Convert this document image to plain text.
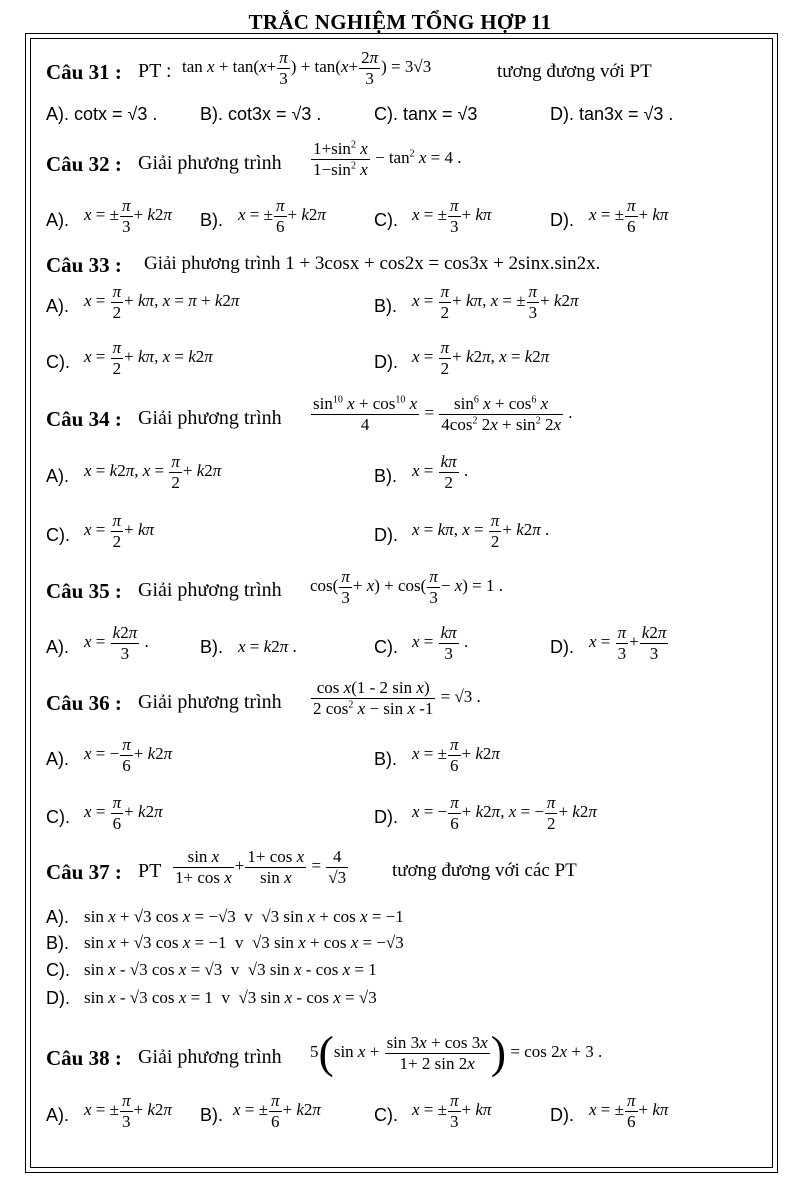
TRẮC NGHIỆM TỔNG HỢP 11
Câu 31 : PT : $\tan x + \tan(x+ \frac{\pi}{3}$ ) + $\tan(x+ \frac{2\pi}{3}$ ) = 3√3	tương đương với PT
A). cotx = √3 . B). cot3x = √3 .	C). tanx = √3	D). tan3x = √3 .
Câu 32 : Giải phương trình $\frac{1+\sin^2 x}{1-\sin^2 x} - \tan^2 x = 4$ .
A). x = ± $\frac{\pi}{3} + k2\pi$ B). x = ± $\frac{\pi}{6} + k2\pi$	C). x = ± $\frac{\pi}{3} + k\pi$	D). x = ± $\frac{\pi}{6} + k\pi$
Câu 33 : Giải phương trình 1 + 3cosx + cos2x = cos3x + 2sinx.sin2x.
A). $x = \frac{\pi}{2} + k\pi$, x = π + k2π	B). $x = \frac{\pi}{2} + k\pi$, x = ± $\frac{\pi}{3} + k2\pi$
C). $x = \frac{\pi}{2} + k\pi$, x = k2π	D). $x = \frac{\pi}{2} + k2\pi$, x = k2π
Câu 34 : Giải phương trình $\frac{\sin^{10} x + \cos^{10} x}{4} = \frac{\sin^6 x + \cos^6 x}{4\cos^2 2x + \sin^2 2x}$ .
A). x = k2π, $x = \frac{\pi}{2} + k2\pi$	B). $x = \frac{k\pi}{2}$ .
C). $x = \frac{\pi}{2} + k\pi$	D). x = kπ, $x = \frac{\pi}{2} + k2\pi$ .
Câu 35 : Giải phương trình $\cos( \frac{\pi}{3} + x) + \cos( \frac{\pi}{3} - x) = 1$ .
A). $x = \frac{k2\pi}{3}$ .	B). x = k2π .	C). $x = \frac{k\pi}{3}$ .	D). $x = \frac{\pi}{3} + \frac{k2\pi}{3}$
Câu 36 : Giải phương trình $\frac{\text{cos x(1 - 2 sin x)}}{2 \cos^2 x - \sin x -1} = √3$ .
A). x = − $\frac{\pi}{6} + k2\pi$	B). x = ± $\frac{\pi}{6} + k2\pi$
C). $x = \frac{\pi}{6} + k2\pi$	D). x = − $\frac{\pi}{6} + k2\pi$, x = − $\frac{\pi}{2} + k2\pi$
Câu 37 : PT $\frac{\text{sin x}}{\text{1+ cos x}} + \frac{\text{1+ cos x}}{\text{sin x}} = \frac{4}{√3}$ tương đương với các PT
A). sin x + √3 cos x = −√3  v  √3 sin x + cos x = −1
B). sin x + √3 cos x = −1  v  √3 sin x + cos x = −√3
C). sin x - √3 cos x = √3  v  √3 sin x - cos x = 1
D). sin x - √3 cos x = 1  v  √3 sin x - cos x = √3
Câu 38 : Giải phương trình 5(sin $x + \frac{\sin 3x + \cos 3x}{1+ 2 \sin 2x}$ ) = cos 2x + 3 .
A). x = ± $\frac{\pi}{3} + k2\pi$ B). x = ± $\frac{\pi}{6} + k2\pi$	C). x = ± $\frac{\pi}{3} + k\pi$	D). x = ± $\frac{\pi}{6} + k\pi$
